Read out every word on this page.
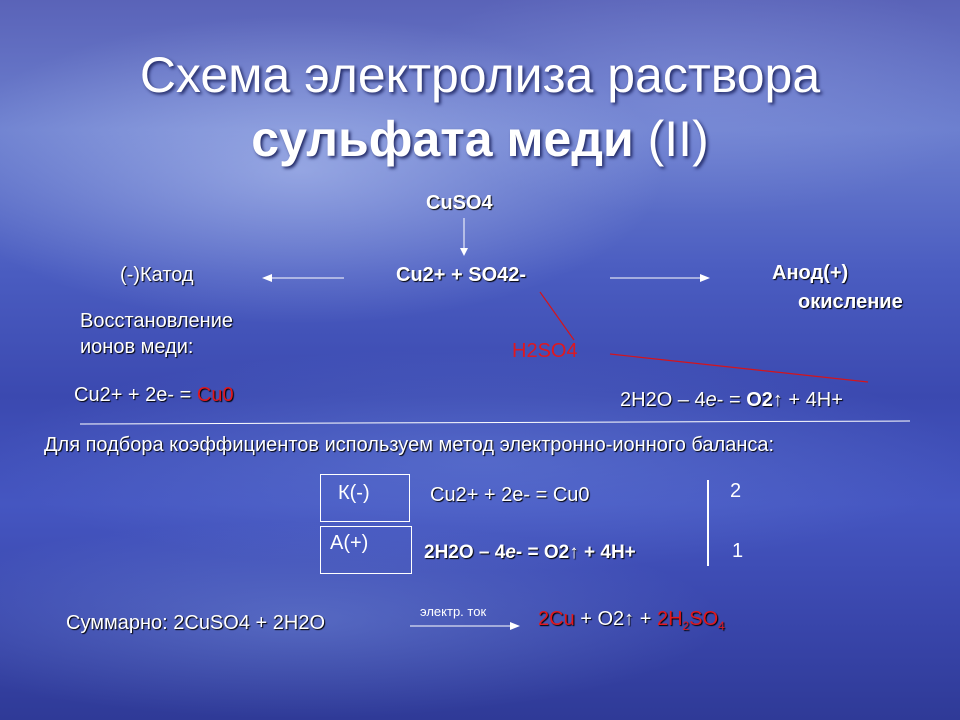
Схема электролиза раствора
сульфата меди (II)
CuSO4
Cu2+ + SO42-
(-)Катод
Восстановление
ионов меди:
Cu2+ + 2e- = Cu0
Анод(+)
окисление
2H2O – 4e- = O2↑ + 4H+
H2SO4
Для подбора коэффициентов используем метод электронно-ионного баланса:
К(-)	Cu2+ + 2e- = Cu0	2
A(+)	2H2O – 4e- = O2↑ + 4H+	1
Суммарно: 2CuSO4 + 2H2O
электр. ток	2Cu + O2↑ + $2H_2SO_4$
